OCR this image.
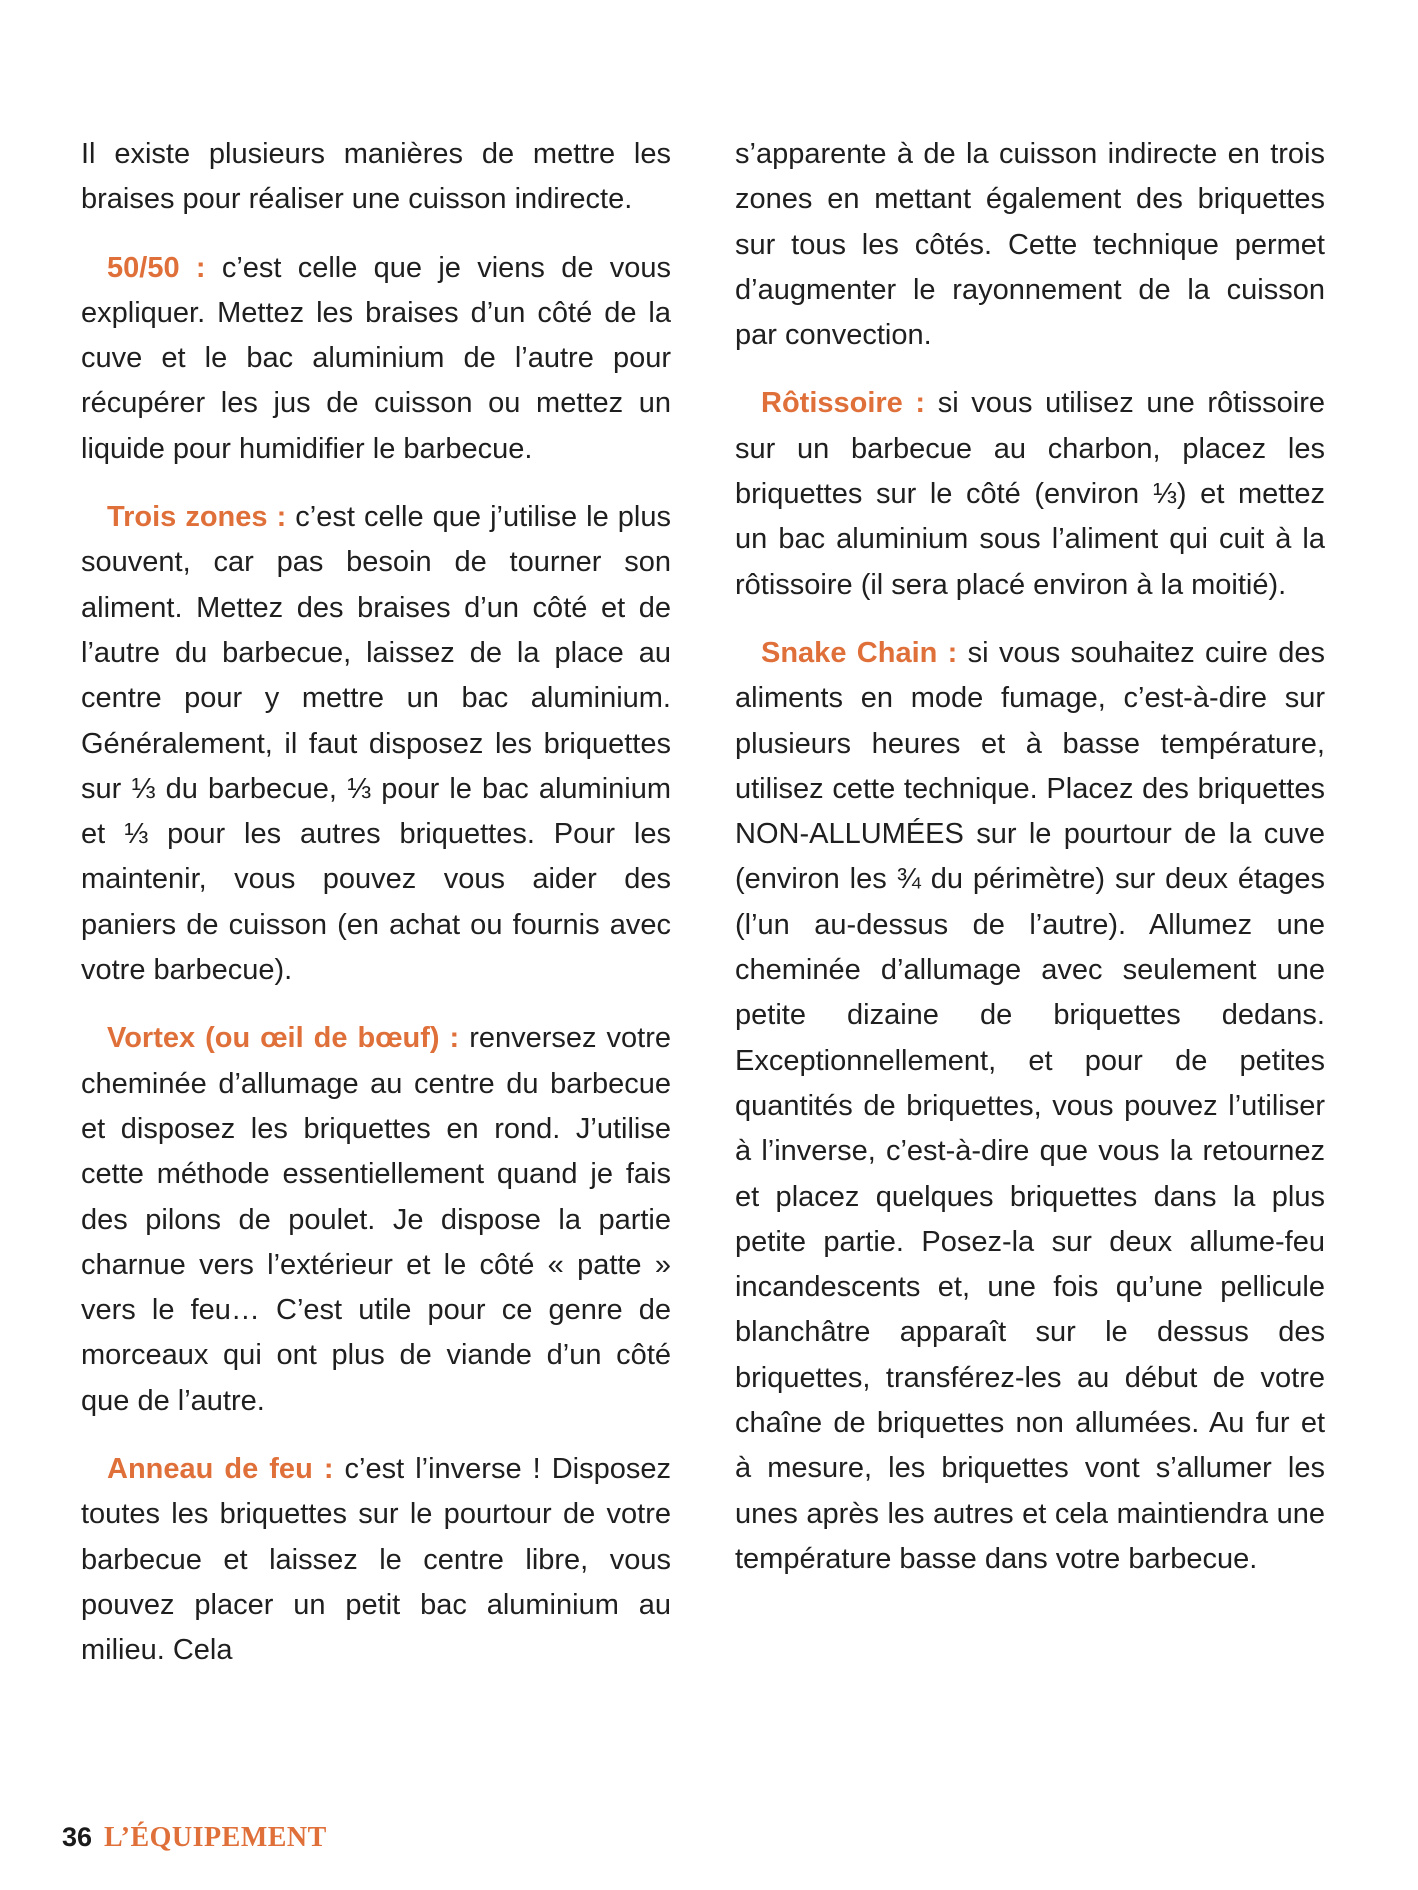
Il existe plusieurs manières de mettre les braises pour réaliser une cuisson indirecte.

50/50 : c’est celle que je viens de vous expliquer. Mettez les braises d’un côté de la cuve et le bac aluminium de l’autre pour récupérer les jus de cuisson ou mettez un liquide pour humidifier le barbecue.

Trois zones : c’est celle que j’utilise le plus souvent, car pas besoin de tourner son aliment. Mettez des braises d’un côté et de l’autre du barbecue, laissez de la place au centre pour y mettre un bac aluminium. Généralement, il faut disposez les briquettes sur ⅓ du barbecue, ⅓ pour le bac aluminium et ⅓ pour les autres briquettes. Pour les maintenir, vous pouvez vous aider des paniers de cuisson (en achat ou fournis avec votre barbecue).

Vortex (ou œil de bœuf) : renversez votre cheminée d’allumage au centre du barbecue et disposez les briquettes en rond. J’utilise cette méthode essentiellement quand je fais des pilons de poulet. Je dispose la partie charnue vers l’extérieur et le côté « patte » vers le feu… C’est utile pour ce genre de morceaux qui ont plus de viande d’un côté que de l’autre.

Anneau de feu : c’est l’inverse ! Disposez toutes les briquettes sur le pourtour de votre barbecue et laissez le centre libre, vous pouvez placer un petit bac aluminium au milieu. Cela

s’apparente à de la cuisson indirecte en trois zones en mettant également des briquettes sur tous les côtés. Cette technique permet d’augmenter le rayonnement de la cuisson par convection.

Rôtissoire : si vous utilisez une rôtissoire sur un barbecue au charbon, placez les briquettes sur le côté (environ ⅓) et mettez un bac aluminium sous l’aliment qui cuit à la rôtissoire (il sera placé environ à la moitié).

Snake Chain : si vous souhaitez cuire des aliments en mode fumage, c’est-à-dire sur plusieurs heures et à basse température, utilisez cette technique. Placez des briquettes NON-ALLUMÉES sur le pourtour de la cuve (environ les ¾ du périmètre) sur deux étages (l’un au-dessus de l’autre). Allumez une cheminée d’allumage avec seulement une petite dizaine de briquettes dedans. Exceptionnellement, et pour de petites quantités de briquettes, vous pouvez l’utiliser à l’inverse, c’est-à-dire que vous la retournez et placez quelques briquettes dans la plus petite partie. Posez-la sur deux allume-feu incandescents et, une fois qu’une pellicule blanchâtre apparaît sur le dessus des briquettes, transférez-les au début de votre chaîne de briquettes non allumées. Au fur et à mesure, les briquettes vont s’allumer les unes après les autres et cela maintiendra une température basse dans votre barbecue.

36 L’ÉQUIPEMENT
